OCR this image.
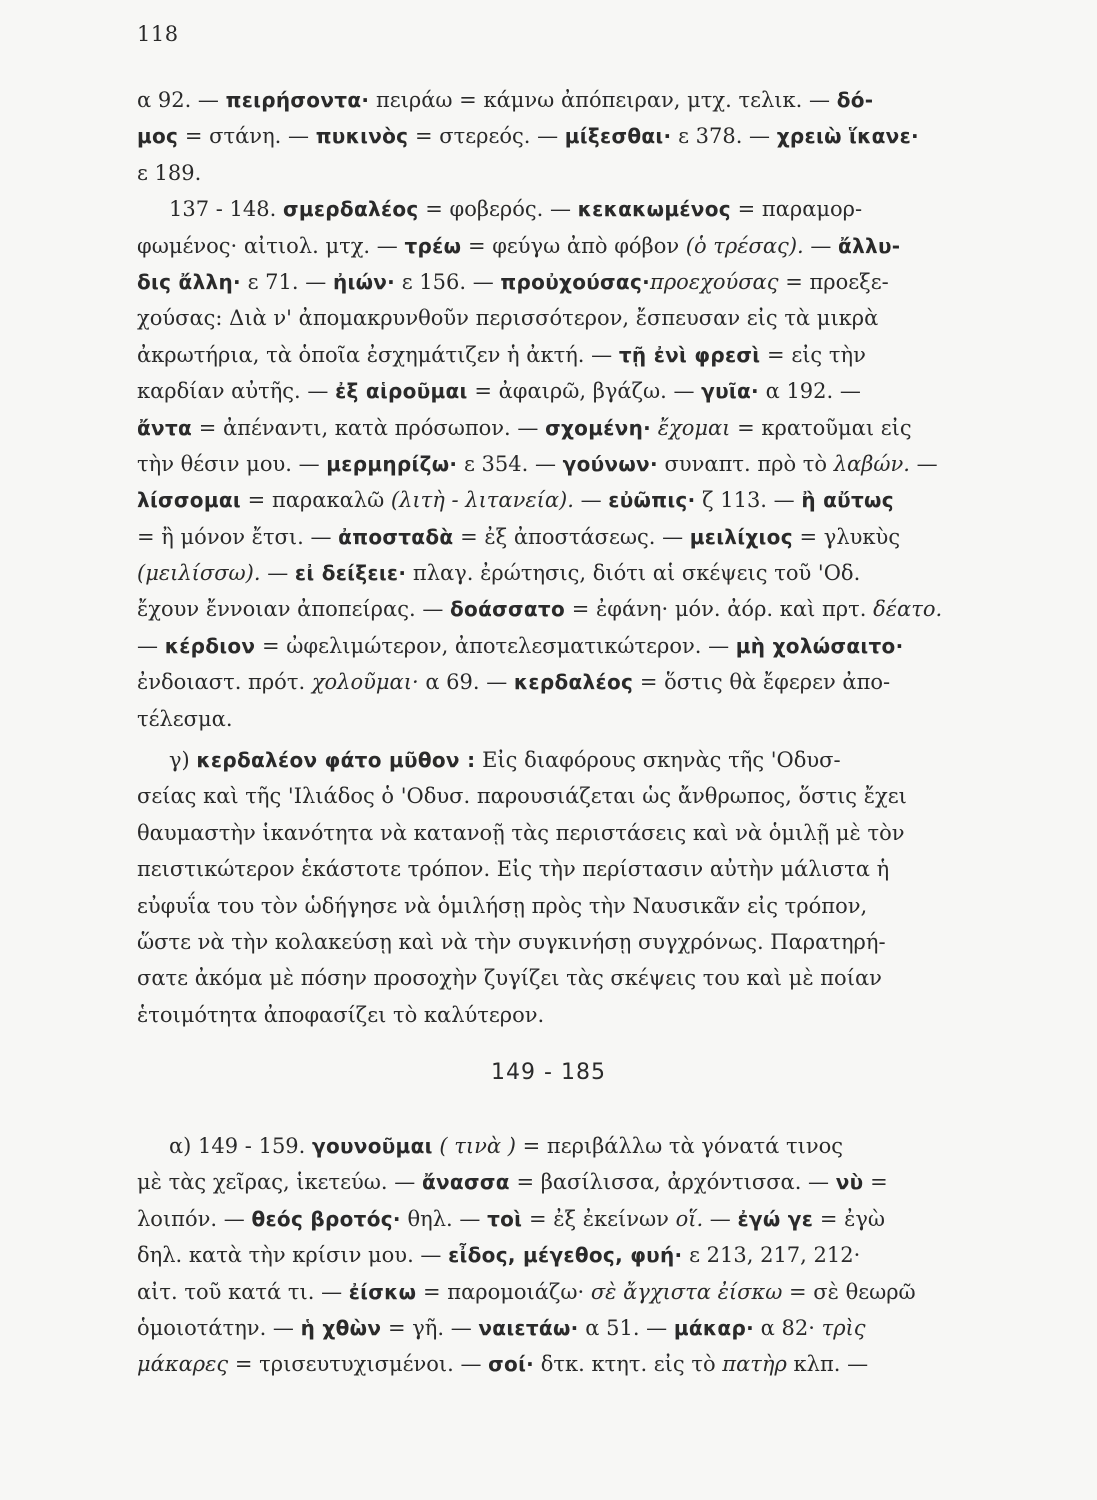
118
α 92. — πειρήσοντα· πειράω = κάμνω ἀπόπειραν, μτχ. τελικ. — δό-
μος = στάνη. — πυκινὸς = στερεός. — μίξεσθαι· ε 378. — χρειὼ ἵκανε·
ε 189.
137 - 148. σμερδαλέος = φοβερός. — κεκακωμένος = παραμορ-
φωμένος· αἰτιολ. μτχ. — τρέω = φεύγω ἀπὸ φόβον (ὁ τρέσας). — ἄλλυ-
δις ἄλλη· ε 71. — ἠιών· ε 156. — προὐχούσας·προεχούσας = προεξε-
χούσας: Διὰ ν' ἀπομακρυνθοῦν περισσότερον, ἔσπευσαν εἰς τὰ μικρὰ
ἀκρωτήρια, τὰ ὁποῖα ἐσχημάτιζεν ἡ ἀκτή. — τῇ ἐνὶ φρεσὶ = εἰς τὴν
καρδίαν αὐτῆς. — ἐξ αἱροῦμαι = ἀφαιρῶ, βγάζω. — γυῖα· α 192. —
ἄντα = ἀπέναντι, κατὰ πρόσωπον. — σχομένη· ἔχομαι = κρατοῦμαι εἰς
τὴν θέσιν μου. — μερμηρίζω· ε 354. — γούνων· συναπτ. πρὸ τὸ λαβών. —
λίσσομαι = παρακαλῶ (λιτὴ - λιτανεία). — εὐῶπις· ζ 113. — ἢ αὔτως
= ἢ μόνον ἔτσι. — ἀποσταδὰ = ἐξ ἀποστάσεως. — μειλίχιος = γλυκὺς
(μειλίσσω). — εἰ δείξειε· πλαγ. ἐρώτησις, διότι αἱ σκέψεις τοῦ 'Οδ.
ἔχουν ἔννοιαν ἀποπείρας. — δοάσσατο = ἐφάνη· μόν. ἀόρ. καὶ πρτ. δέατο.
— κέρδιον = ὠφελιμώτερον, ἀποτελεσματικώτερον. — μὴ χολώσαιτο·
ἐνδοιαστ. πρότ. χολοῦμαι· α 69. — κερδαλέος = ὅστις θὰ ἔφερεν ἀπο-
τέλεσμα.
γ) κερδαλέον φάτο μῦθον : Εἰς διαφόρους σκηνὰς τῆς 'Οδυσ-
σείας καὶ τῆς 'Ιλιάδος ὁ 'Οδυσ. παρουσιάζεται ὡς ἄνθρωπος, ὅστις ἔχει
θαυμαστὴν ἱκανότητα νὰ κατανοῇ τὰς περιστάσεις καὶ νὰ ὁμιλῇ μὲ τὸν
πειστικώτερον ἑκάστοτε τρόπον. Εἰς τὴν περίστασιν αὐτὴν μάλιστα ἡ
εὐφυΐα του τὸν ὡδήγησε νὰ ὁμιλήσῃ πρὸς τὴν Ναυσικᾶν εἰς τρόπον,
ὥστε νὰ τὴν κολακεύσῃ καὶ νὰ τὴν συγκινήσῃ συγχρόνως. Παρατηρή-
σατε ἀκόμα μὲ πόσην προσοχὴν ζυγίζει τὰς σκέψεις του καὶ μὲ ποίαν
ἑτοιμότητα ἀποφασίζει τὸ καλύτερον.
149 - 185
α) 149 - 159. γουνοῦμαι ( τινὰ ) = περιβάλλω τὰ γόνατά τινος
μὲ τὰς χεῖρας, ἱκετεύω. — ἄνασσα = βασίλισσα, ἀρχόντισσα. — νὺ =
λοιπόν. — θεός βροτός· θηλ. — τοὶ = ἐξ ἐκείνων οἵ. — ἐγώ γε = ἐγὼ
δηλ. κατὰ τὴν κρίσιν μου. — εἶδος, μέγεθος, φυή· ε 213, 217, 212·
αἰτ. τοῦ κατά τι. — ἐίσκω = παρομοιάζω· σὲ ἄγχιστα ἐίσκω = σὲ θεωρῶ
ὁμοιοτάτην. — ἡ χθὼν = γῆ. — ναιετάω· α 51. — μάκαρ· α 82· τρὶς
μάκαρες = τρισευτυχισμένοι. — σοί· δτκ. κτητ. εἰς τὸ πατὴρ κλπ. —
